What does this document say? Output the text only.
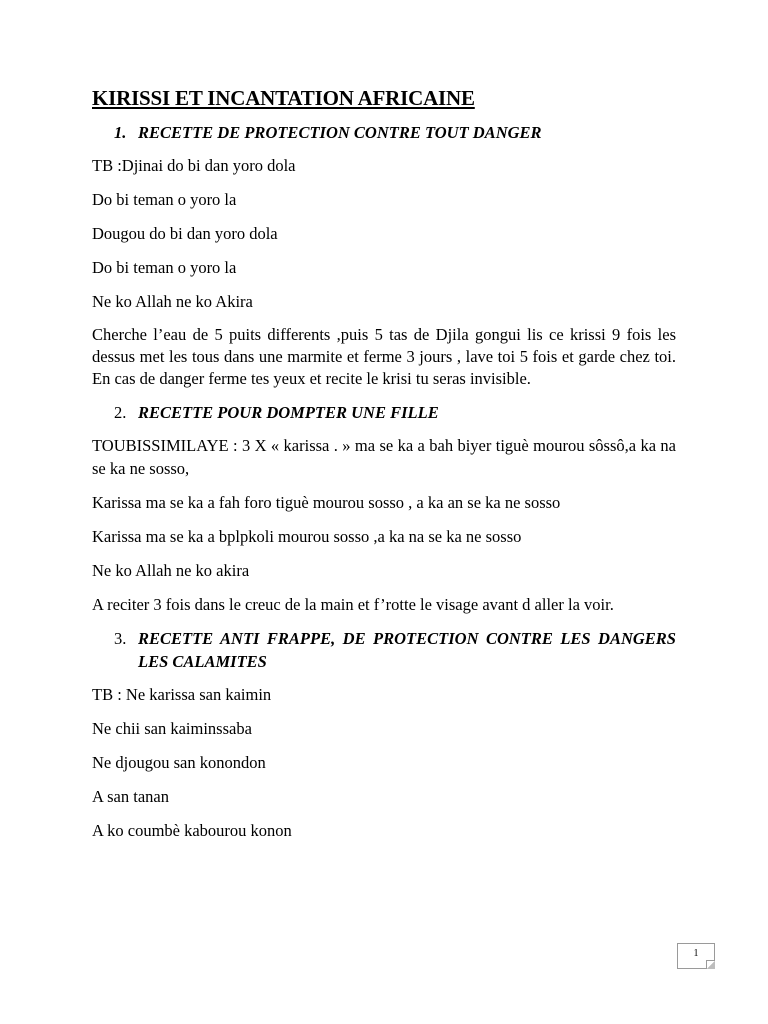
KIRISSI ET INCANTATION AFRICAINE
1. RECETTE DE PROTECTION CONTRE TOUT DANGER

TB :Djinai do bi dan yoro dola

Do bi teman o yoro la

Dougou do bi dan yoro dola

Do bi teman o yoro la

Ne ko Allah ne ko Akira

Cherche l’eau de 5 puits differents ,puis 5 tas de Djila gongui lis ce krissi 9 fois les dessus met les tous dans une marmite et ferme 3 jours , lave toi 5 fois et garde chez toi. En cas de danger ferme tes yeux et recite le krisi tu seras invisible.

2. RECETTE POUR DOMPTER UNE FILLE

TOUBISSIMILAYE : 3 X « karissa . » ma se ka a bah biyer tiguè mourou sôssô,a ka na se ka ne sosso,

Karissa ma se ka a fah foro tiguè mourou sosso , a ka an se ka ne sosso

Karissa ma se ka a bplpkoli mourou sosso ,a ka na se ka ne sosso

Ne ko Allah ne ko akira

A reciter 3 fois dans le creuc de la main et f’rotte le visage avant d aller la voir.

3. RECETTE ANTI FRAPPE, DE PROTECTION CONTRE LES DANGERS LES CALAMITES

TB : Ne karissa san kaimin

Ne chii san kaiminssaba

Ne djougou san konondon

A san tanan

A ko coumbè kabourou konon

1
